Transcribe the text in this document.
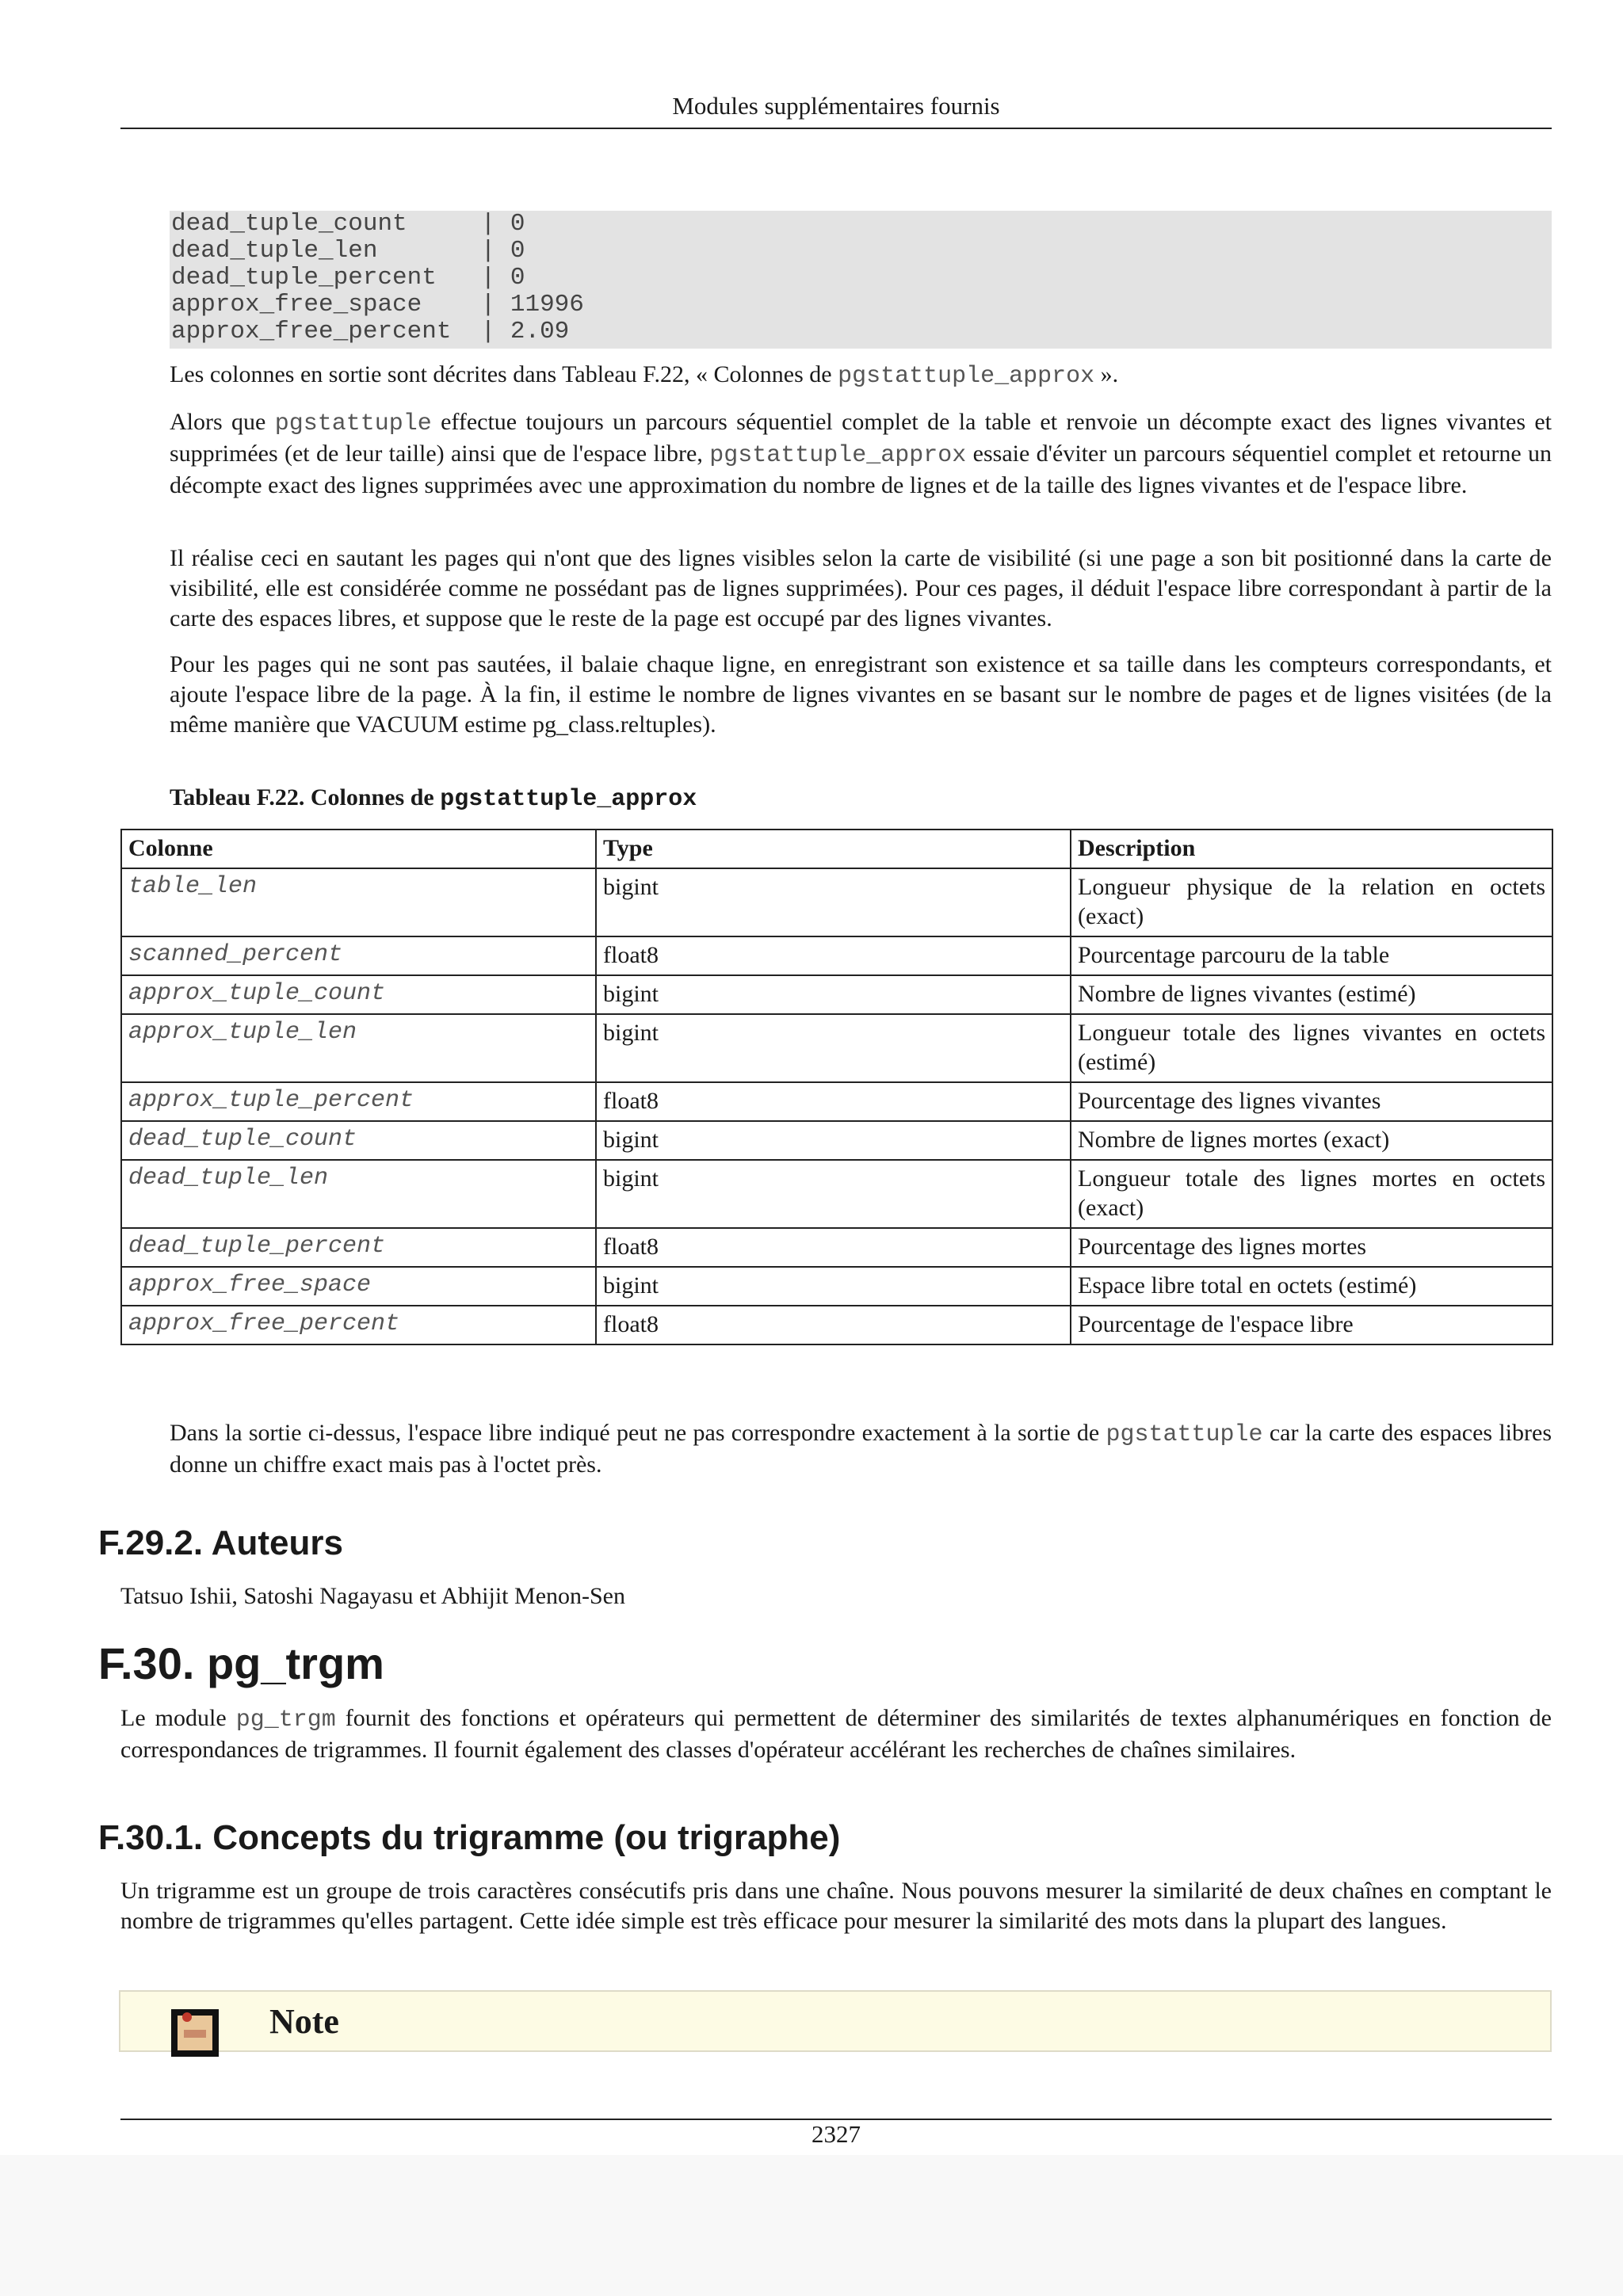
Modules supplémentaires fournis
dead_tuple_count     | 0
dead_tuple_len       | 0
dead_tuple_percent   | 0
approx_free_space    | 11996
approx_free_percent  | 2.09

Les colonnes en sortie sont décrites dans Tableau F.22, « Colonnes de pgstattuple_approx ».

Alors que pgstattuple effectue toujours un parcours séquentiel complet de la table et renvoie un décompte exact des lignes vivantes et supprimées (et de leur taille) ainsi que de l'espace libre, pgstattuple_approx essaie d'éviter un parcours séquentiel complet et retourne un décompte exact des lignes supprimées avec une approximation du nombre de lignes et de la taille des lignes vivantes et de l'espace libre.

Il réalise ceci en sautant les pages qui n'ont que des lignes visibles selon la carte de visibilité (si une page a son bit positionné dans la carte de visibilité, elle est considérée comme ne possédant pas de lignes supprimées). Pour ces pages, il déduit l'espace libre correspondant à partir de la carte des espaces libres, et suppose que le reste de la page est occupé par des lignes vivantes.

Pour les pages qui ne sont pas sautées, il balaie chaque ligne, en enregistrant son existence et sa taille dans les compteurs correspondants, et ajoute l'espace libre de la page. À la fin, il estime le nombre de lignes vivantes en se basant sur le nombre de pages et de lignes visitées (de la même manière que VACUUM estime pg_class.reltuples).

Tableau F.22. Colonnes de pgstattuple_approx
Colonne	Type	Description
table_len	bigint	Longueur physique de la relation en octets (exact)
scanned_percent	float8	Pourcentage parcouru de la table
approx_tuple_count	bigint	Nombre de lignes vivantes (estimé)
approx_tuple_len	bigint	Longueur totale des lignes vivantes en octets (estimé)
approx_tuple_percent	float8	Pourcentage des lignes vivantes
dead_tuple_count	bigint	Nombre de lignes mortes (exact)
dead_tuple_len	bigint	Longueur totale des lignes mortes en octets (exact)
dead_tuple_percent	float8	Pourcentage des lignes mortes
approx_free_space	bigint	Espace libre total en octets (estimé)
approx_free_percent	float8	Pourcentage de l'espace libre

Dans la sortie ci-dessus, l'espace libre indiqué peut ne pas correspondre exactement à la sortie de pgstattuple car la carte des espaces libres donne un chiffre exact mais pas à l'octet près.

F.29.2. Auteurs

Tatsuo Ishii, Satoshi Nagayasu et Abhijit Menon-Sen

F.30. pg_trgm

Le module pg_trgm fournit des fonctions et opérateurs qui permettent de déterminer des similarités de textes alphanumériques en fonction de correspondances de trigrammes. Il fournit également des classes d'opérateur accélérant les recherches de chaînes similaires.

F.30.1. Concepts du trigramme (ou trigraphe)

Un trigramme est un groupe de trois caractères consécutifs pris dans une chaîne. Nous pouvons mesurer la similarité de deux chaînes en comptant le nombre de trigrammes qu'elles partagent. Cette idée simple est très efficace pour mesurer la similarité des mots dans la plupart des langues.

Note
2327
